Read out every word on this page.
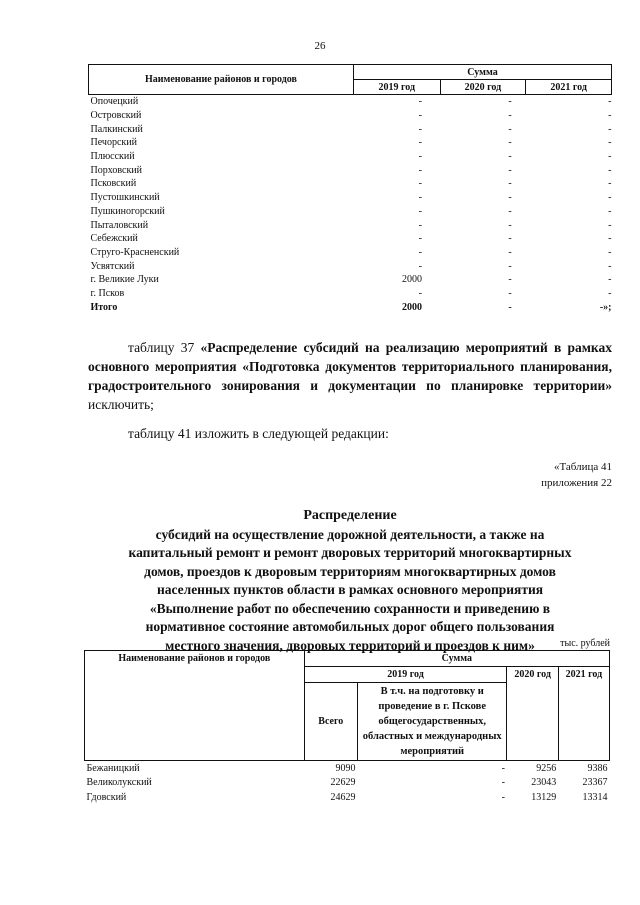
26
Наименование районов и городов	Сумма		
	2019 год	2020 год	2021 год
Опочецкий	-	-	-
Островский	-	-	-
Палкинский	-	-	-
Печорский	-	-	-
Плюсский	-	-	-
Порховский	-	-	-
Псковский	-	-	-
Пустошкинский	-	-	-
Пушкиногорский	-	-	-
Пыталовский	-	-	-
Себежский	-	-	-
Струго-Красненский	-	-	-
Усвятский	-	-	-
г. Великие Луки	2000	-	-
г. Псков	-	-	-
Итого	2000	-	-»;
таблицу 37 «Распределение субсидий на реализацию мероприятий в рамках основного мероприятия «Подготовка документов территориального планирования, градостроительного зонирования и документации по планировке территории» исключить;
таблицу 41 изложить в следующей редакции:
«Таблица 41
приложения 22
Распределение
субсидий на осуществление дорожной деятельности, а также на
капитальный ремонт и ремонт дворовых территорий многоквартирных
домов, проездов к дворовым территориям многоквартирных домов
населенных пунктов области в рамках основного мероприятия
«Выполнение работ по обеспечению сохранности и приведению в
нормативное состояние автомобильных дорог общего пользования
местного значения, дворовых территорий и проездов к ним»	тыс. рублей
Наименование районов и городов	Сумма			
	2019 год		2020 год	2021 год
	Всего	В т.ч. на подготовку и проведение в г. Пскове общегосударственных, областных и международных мероприятий		
Бежаницкий	9090	-	9256	9386
Великолукский	22629	-	23043	23367
Гдовский	24629	-	13129	13314
